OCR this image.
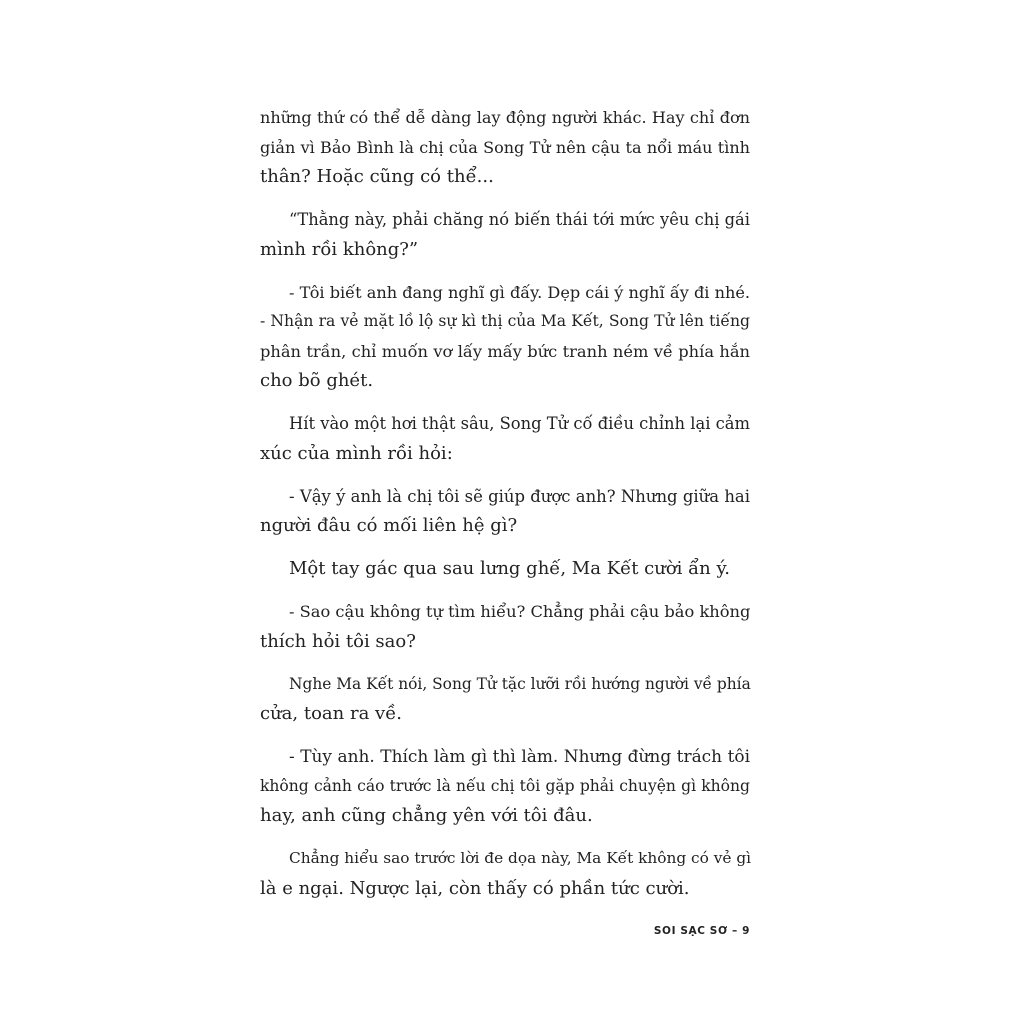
những thứ có thể dễ dàng lay động người khác. Hay chỉ đơn
giản vì Bảo Bình là chị của Song Tử nên cậu ta nổi máu tình
thân? Hoặc cũng có thể...
“Thằng này, phải chăng nó biến thái tới mức yêu chị gái
mình rồi không?”
- Tôi biết anh đang nghĩ gì đấy. Dẹp cái ý nghĩ ấy đi nhé.
- Nhận ra vẻ mặt lồ lộ sự kì thị của Ma Kết, Song Tử lên tiếng
phân trần, chỉ muốn vơ lấy mấy bức tranh ném về phía hắn
cho bõ ghét.
Hít vào một hơi thật sâu, Song Tử cố điều chỉnh lại cảm
xúc của mình rồi hỏi:
- Vậy ý anh là chị tôi sẽ giúp được anh? Nhưng giữa hai
người đâu có mối liên hệ gì?
Một tay gác qua sau lưng ghế, Ma Kết cười ẩn ý.
- Sao cậu không tự tìm hiểu? Chẳng phải cậu bảo không
thích hỏi tôi sao?
Nghe Ma Kết nói, Song Tử tặc lưỡi rồi hướng người về phía
cửa, toan ra về.
- Tùy anh. Thích làm gì thì làm. Nhưng đừng trách tôi
không cảnh cáo trước là nếu chị tôi gặp phải chuyện gì không
hay, anh cũng chẳng yên với tôi đâu.
Chẳng hiểu sao trước lời đe dọa này, Ma Kết không có vẻ gì
là e ngại. Ngược lại, còn thấy có phần tức cười.
SOI SẠC SƠ – 9
